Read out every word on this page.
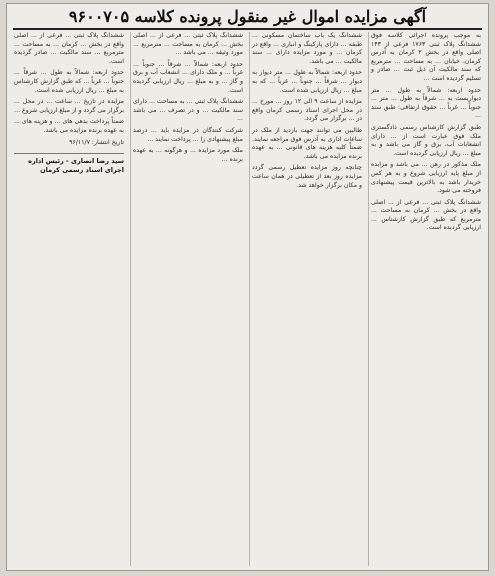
آگهی مزایده اموال غیر منقول پرونده کلاسه ۹۶۰۰۷۰۵

به موجب پرونده اجرائی کلاسه فوق ششدانگ پلاک ثبتی ۱۷۶۳ فرعی از ۱۴۳ اصلی واقع در بخش ۲ کرمان به آدرس کرمان، خیابان ... به مساحت ... مترمربع که سند مالکیت آن ذیل ثبت ... صادر و تسلیم گردیده است ...

حدود اربعه: شمالاً به طول ... متر دیواریست به ... شرقاً به طول ... متر ... جنوباً ... غرباً ... حقوق ارتفاقی: طبق سند ...

طبق گزارش کارشناس رسمی دادگستری ملک فوق عبارت است از ... دارای انشعابات آب، برق و گاز می باشد و به مبلغ ... ریال ارزیابی گردیده است.

ملک مذکور در رهن ... می باشد و مزایده از مبلغ پایه ارزیابی شروع و به هر کس خریدار باشد به بالاترین قیمت پیشنهادی فروخته می شود.

ششدانگ پلاک ثبتی ... فرعی از ... اصلی واقع در بخش ... کرمان به مساحت ... مترمربع که طبق گزارش کارشناس ... ارزیابی گردیده است.

ششدانگ یک باب ساختمان مسکونی ... طبقه ... دارای پارکینگ و انباری ... واقع در کرمان ... و مورد مزایده دارای ... سند مالکیت ... می باشد.

حدود اربعه: شمالاً به طول ... متر دیوار به دیوار ... شرقاً ... جنوباً ... غرباً ... که به مبلغ ... ریال ارزیابی شده است.

مزایده از ساعت ۹ الی ۱۲ روز ... مورخ ... در محل اجرای اسناد رسمی کرمان واقع در ... برگزار می گردد.

طالبین می توانند جهت بازدید از ملک در ساعات اداری به آدرس فوق مراجعه نمایند. ضمناً کلیه هزینه های قانونی ... به عهده برنده مزایده می باشد.

چنانچه روز مزایده تعطیل رسمی گردد مزایده روز بعد از تعطیلی در همان ساعت و مکان برگزار خواهد شد.

ششدانگ پلاک ثبتی ... فرعی از ... اصلی بخش ... کرمان به مساحت ... مترمربع ... مورد وثیقه ... می باشد ...

حدود اربعه: شمالاً ... شرقاً ... جنوباً ... غرباً ... و ملک دارای ... انشعاب آب و برق و گاز ... و به مبلغ ... ریال ارزیابی گردیده است.

ششدانگ پلاک ثبتی ... به مساحت ... دارای سند مالکیت ... و در تصرف ... می باشد ...

شرکت کنندگان در مزایده باید ... درصد مبلغ پیشنهادی را ... پرداخت نمایند ...

ملک مورد مزایده ... و هرگونه ... به عهده برنده ...

ششدانگ پلاک ثبتی ... فرعی از ... اصلی واقع در بخش ... کرمان ... به مساحت ... مترمربع ... سند مالکیت ... صادر گردیده است.

حدود اربعه: شمالاً به طول ... شرقاً ... جنوباً ... غرباً ... که طبق گزارش کارشناس به مبلغ ... ریال ارزیابی شده است.

مزایده در تاریخ ... ساعت ... در محل ... برگزار می گردد و از مبلغ ارزیابی شروع ...

ضمناً پرداخت بدهی های ... و هزینه های ... به عهده برنده مزایده می باشد.

تاریخ انتشار: ۹۶/۱۱/۷

سید رضا انصاری - رئیس اداره اجرای اسناد رسمی کرمان
